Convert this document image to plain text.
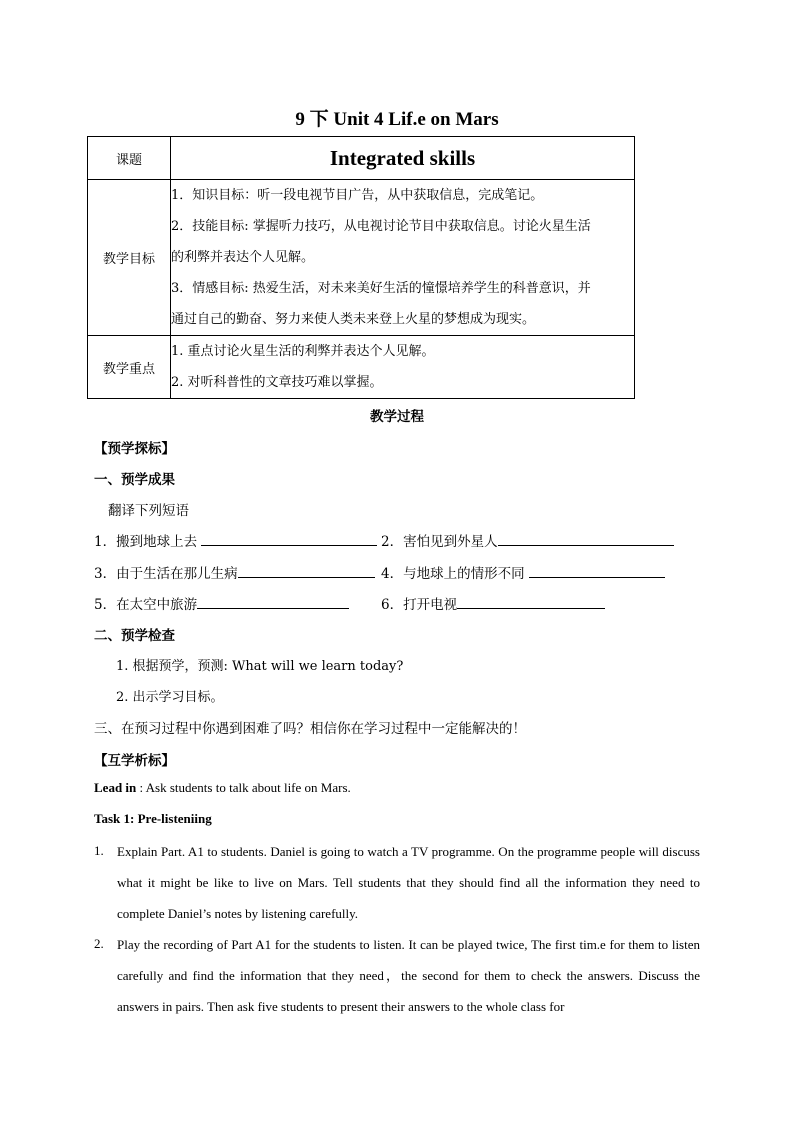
9 下 Unit 4 Lif.e on Mars
课题	Integrated skills
教学目标	1．知识目标：听一段电视节目广告，从中获取信息，完成笔记。
2．技能目标: 掌握听力技巧，从电视讨论节目中获取信息。讨论火星生活
的利弊并表达个人见解。
3．情感目标: 热爱生活，对未来美好生活的憧憬培养学生的科普意识，并
通过自己的勤奋、努力来使人类未来登上火星的梦想成为现实。

教学重点	1. 重点讨论火星生活的利弊并表达个人见解。
2. 对听科普性的文章技巧难以掌握。
教学过程
【预学探标】
一、预学成果
翻译下列短语
1．搬到地球上去	2．害怕见到外星人
3．由于生活在那儿生病	4．与地球上的情形不同
5．在太空中旅游	6．打开电视
二、预学检查
1. 根据预学，预测: What will we learn today?
2. 出示学习目标。
三、在预习过程中你遇到困难了吗？相信你在学习过程中一定能解决的！
【互学析标】
Lead in : Ask students to talk about life on Mars.
Task 1: Pre-listeniing
1. Explain Part. A1 to students. Daniel is going to watch a TV programme. On the programme people will discuss what it might be like to live on Mars. Tell students that they should find all the information they need to complete Daniel’s notes by listening carefully.
2. Play the recording of Part A1 for the students to listen. It can be played twice, The first tim.e for them to listen carefully and find the information that they need，the second for them to check the answers. Discuss the answers in pairs. Then ask five students to present their answers to the whole class for
